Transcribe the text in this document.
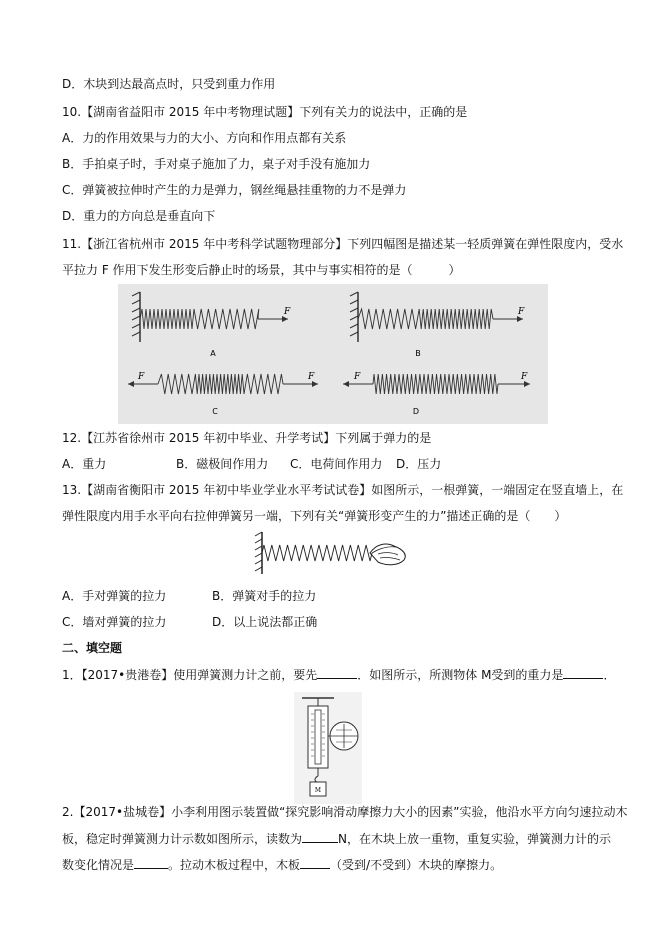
D．木块到达最高点时，只受到重力作用
10.【湖南省益阳市 2015 年中考物理试题】下列有关力的说法中，正确的是
A．力的作用效果与力的大小、方向和作用点都有关系
B．手拍桌子时，手对桌子施加了力，桌子对手没有施加力
C．弹簧被拉伸时产生的力是弹力，钢丝绳悬挂重物的力不是弹力
D．重力的方向总是垂直向下
11.【浙江省杭州市 2015 年中考科学试题物理部分】下列四幅图是描述某一轻质弹簧在弹性限度内，受水
平拉力 F 作用下发生形变后静止时的场景，其中与事实相符的是（　　　）
F
A
F
B
F	F
C
F	F
D
12.【江苏省徐州市 2015 年初中毕业、升学考试】下列属于弹力的是
A．重力	B．磁极间作用力 C．电荷间作用力 D．压力
13.【湖南省衡阳市 2015 年初中毕业学业水平考试试卷】如图所示，一根弹簧，一端固定在竖直墙上，在
弹性限度内用手水平向右拉伸弹簧另一端，下列有关“弹簧形变产生的力”描述正确的是（　　）
A．手对弹簧的拉力	B．弹簧对手的拉力
C．墙对弹簧的拉力	D．以上说法都正确
二、填空题
1．【2017•贵港卷】使用弹簧测力计之前，要先	．如图所示，所测物体 M受到的重力是	．
M
2.【2017•盐城卷】小李利用图示装置做“探究影响滑动摩擦力大小的因素”实验，他沿水平方向匀速拉动木
板，稳定时弹簧测力计示数如图所示，读数为	N，在木块上放一重物，重复实验，弹簧测力计的示
数变化情况是	。拉动木板过程中，木板	（受到/不受到）木块的摩擦力。
